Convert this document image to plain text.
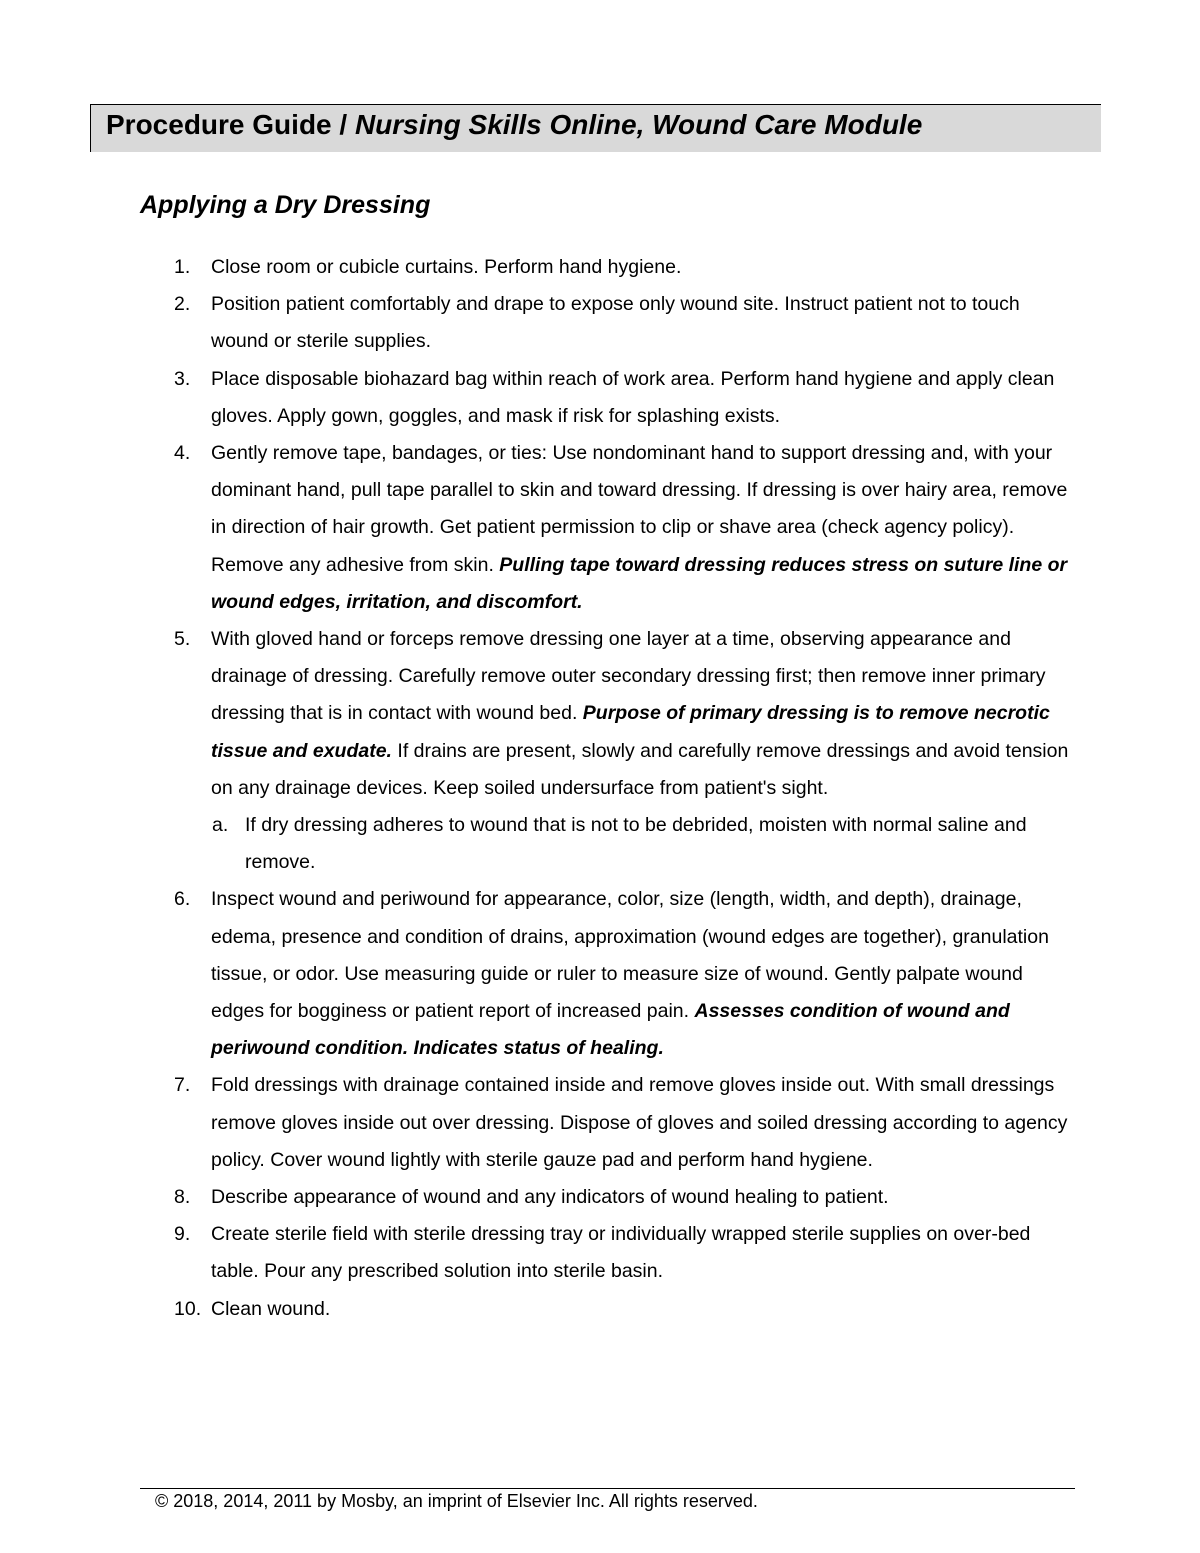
Procedure Guide / Nursing Skills Online, Wound Care Module
Applying a Dry Dressing
1. Close room or cubicle curtains. Perform hand hygiene.
2. Position patient comfortably and drape to expose only wound site. Instruct patient not to touch wound or sterile supplies.
3. Place disposable biohazard bag within reach of work area. Perform hand hygiene and apply clean gloves. Apply gown, goggles, and mask if risk for splashing exists.
4. Gently remove tape, bandages, or ties: Use nondominant hand to support dressing and, with your dominant hand, pull tape parallel to skin and toward dressing. If dressing is over hairy area, remove in direction of hair growth. Get patient permission to clip or shave area (check agency policy). Remove any adhesive from skin. Pulling tape toward dressing reduces stress on suture line or wound edges, irritation, and discomfort.
5. With gloved hand or forceps remove dressing one layer at a time, observing appearance and drainage of dressing. Carefully remove outer secondary dressing first; then remove inner primary dressing that is in contact with wound bed. Purpose of primary dressing is to remove necrotic tissue and exudate. If drains are present, slowly and carefully remove dressings and avoid tension on any drainage devices. Keep soiled undersurface from patient's sight.
a. If dry dressing adheres to wound that is not to be debrided, moisten with normal saline and remove.
6. Inspect wound and periwound for appearance, color, size (length, width, and depth), drainage, edema, presence and condition of drains, approximation (wound edges are together), granulation tissue, or odor. Use measuring guide or ruler to measure size of wound. Gently palpate wound edges for bogginess or patient report of increased pain. Assesses condition of wound and periwound condition. Indicates status of healing.
7. Fold dressings with drainage contained inside and remove gloves inside out. With small dressings remove gloves inside out over dressing. Dispose of gloves and soiled dressing according to agency policy. Cover wound lightly with sterile gauze pad and perform hand hygiene.
8. Describe appearance of wound and any indicators of wound healing to patient.
9. Create sterile field with sterile dressing tray or individually wrapped sterile supplies on over-bed table. Pour any prescribed solution into sterile basin.
10. Clean wound.
© 2018, 2014, 2011 by Mosby, an imprint of Elsevier Inc. All rights reserved.
